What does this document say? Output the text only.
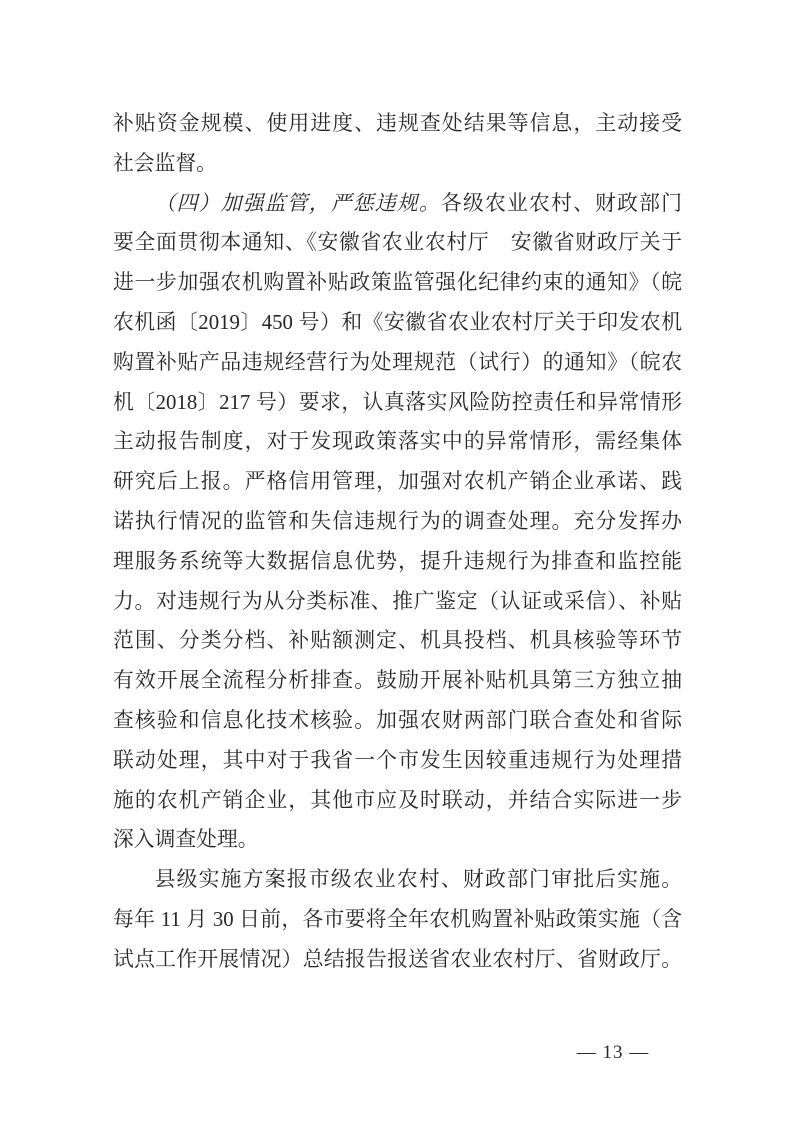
补贴资金规模、使用进度、违规查处结果等信息，主动接受
社会监督。
（四）加强监管，严惩违规。各级农业农村、财政部门
要全面贯彻本通知、《安徽省农业农村厅　安徽省财政厅关于
进一步加强农机购置补贴政策监管强化纪律约束的通知》（皖
农机函〔2019〕450 号）和《安徽省农业农村厅关于印发农机
购置补贴产品违规经营行为处理规范（试行）的通知》（皖农
机〔2018〕217 号）要求，认真落实风险防控责任和异常情形
主动报告制度，对于发现政策落实中的异常情形，需经集体
研究后上报。严格信用管理，加强对农机产销企业承诺、践
诺执行情况的监管和失信违规行为的调查处理。充分发挥办
理服务系统等大数据信息优势，提升违规行为排查和监控能
力。对违规行为从分类标准、推广鉴定（认证或采信）、补贴
范围、分类分档、补贴额测定、机具投档、机具核验等环节
有效开展全流程分析排查。鼓励开展补贴机具第三方独立抽
查核验和信息化技术核验。加强农财两部门联合查处和省际
联动处理，其中对于我省一个市发生因较重违规行为处理措
施的农机产销企业，其他市应及时联动，并结合实际进一步
深入调查处理。
县级实施方案报市级农业农村、财政部门审批后实施。
每年 11 月 30 日前，各市要将全年农机购置补贴政策实施（含
试点工作开展情况）总结报告报送省农业农村厅、省财政厅。
— 13 —
